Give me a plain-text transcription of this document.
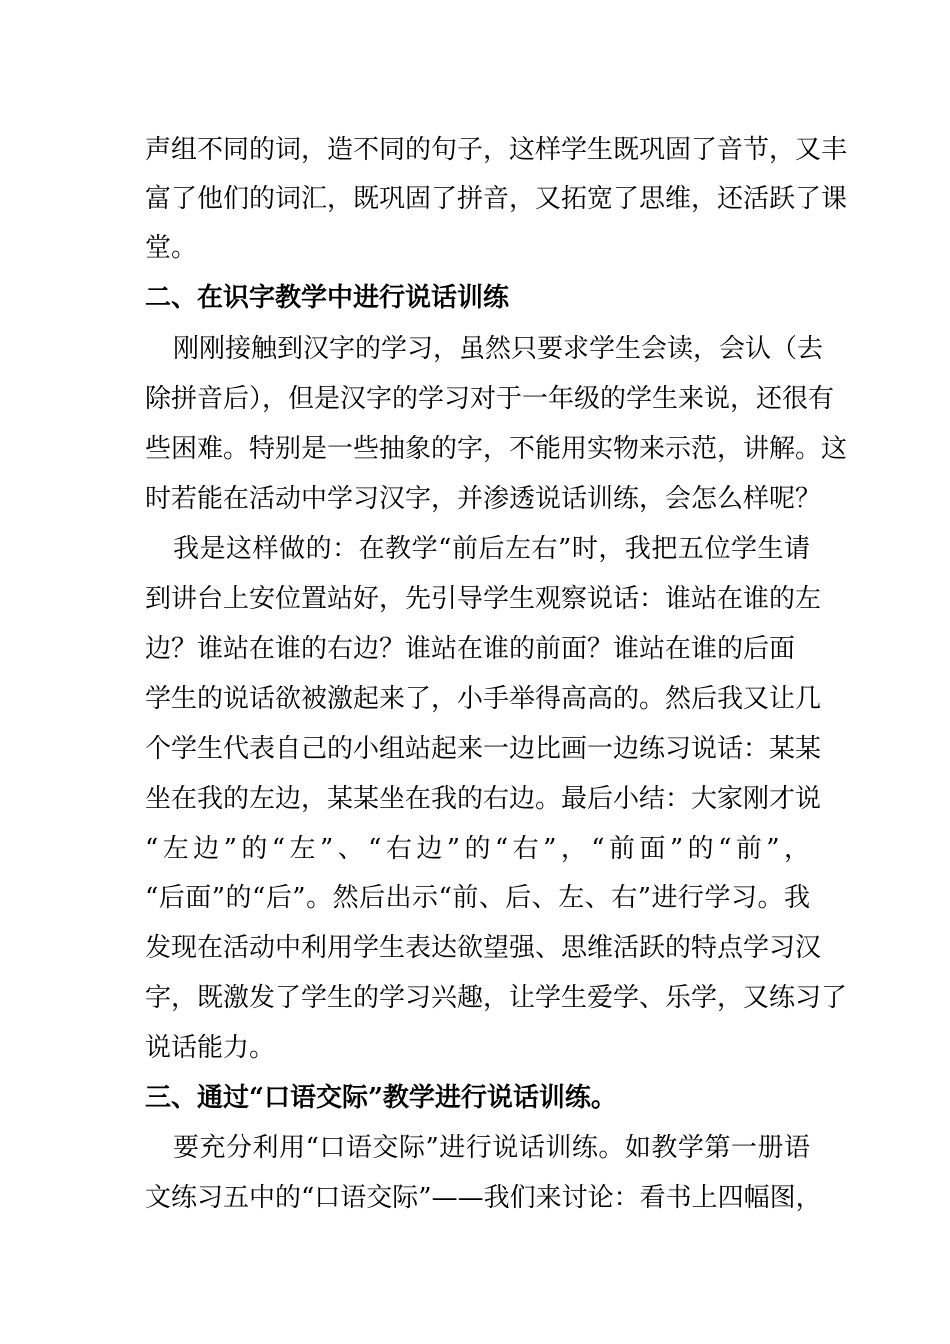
声组不同的词，造不同的句子，这样学生既巩固了音节，又丰
富了他们的词汇，既巩固了拼音，又拓宽了思维，还活跃了课
堂。
二、在识字教学中进行说话训练
刚刚接触到汉字的学习，虽然只要求学生会读，会认（去
除拼音后），但是汉字的学习对于一年级的学生来说，还很有
些困难。特别是一些抽象的字，不能用实物来示范，讲解。这
时若能在活动中学习汉字，并渗透说话训练，会怎么样呢？
我是这样做的：在教学“前后左右”时，我把五位学生请
到讲台上安位置站好，先引导学生观察说话：谁站在谁的左
边？谁站在谁的右边？谁站在谁的前面？谁站在谁的后面
学生的说话欲被激起来了，小手举得高高的。然后我又让几
个学生代表自己的小组站起来一边比画一边练习说话：某某
坐在我的左边，某某坐在我的右边。最后小结：大家刚才说
“左边”的“左”、“右边”的“右”，“前面”的“前”，
“后面”的“后”。然后出示“前、后、左、右”进行学习。我
发现在活动中利用学生表达欲望强、思维活跃的特点学习汉
字，既激发了学生的学习兴趣，让学生爱学、乐学，又练习了
说话能力。
三、通过“口语交际”教学进行说话训练。
要充分利用“口语交际”进行说话训练。如教学第一册语
文练习五中的“口语交际”——我们来讨论：看书上四幅图，
